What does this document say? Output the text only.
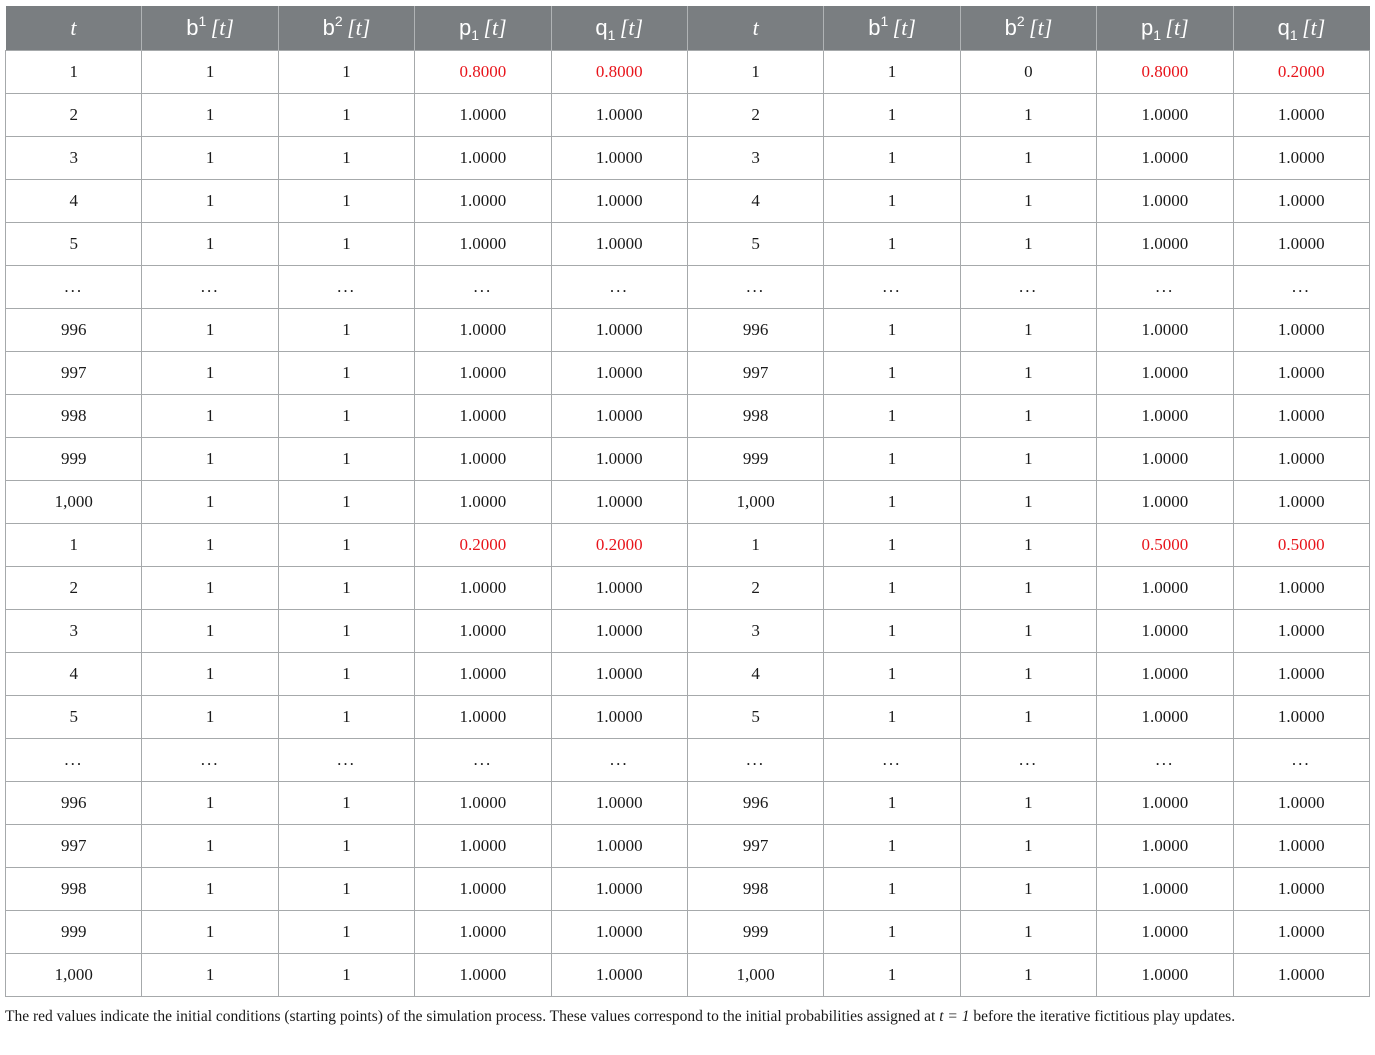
t	$b^1$  [t]	$b^2$  [t]	$p_1$  [t]	$q_1$  [t]	t	$b^1$  [t]	$b^2$  [t]	$p_1$  [t]	$q_1$  [t]
1	1	1	0.8000	0.8000	1	1	0	0.8000	0.2000
2	1	1	1.0000	1.0000	2	1	1	1.0000	1.0000
3	1	1	1.0000	1.0000	3	1	1	1.0000	1.0000
4	1	1	1.0000	1.0000	4	1	1	1.0000	1.0000
5	1	1	1.0000	1.0000	5	1	1	1.0000	1.0000
...	...	...	...	...	...	...	...	...	...
996	1	1	1.0000	1.0000	996	1	1	1.0000	1.0000
997	1	1	1.0000	1.0000	997	1	1	1.0000	1.0000
998	1	1	1.0000	1.0000	998	1	1	1.0000	1.0000
999	1	1	1.0000	1.0000	999	1	1	1.0000	1.0000
1,000	1	1	1.0000	1.0000	1,000	1	1	1.0000	1.0000
1	1	1	0.2000	0.2000	1	1	1	0.5000	0.5000
2	1	1	1.0000	1.0000	2	1	1	1.0000	1.0000
3	1	1	1.0000	1.0000	3	1	1	1.0000	1.0000
4	1	1	1.0000	1.0000	4	1	1	1.0000	1.0000
5	1	1	1.0000	1.0000	5	1	1	1.0000	1.0000
...	...	...	...	...	...	...	...	...	...
996	1	1	1.0000	1.0000	996	1	1	1.0000	1.0000
997	1	1	1.0000	1.0000	997	1	1	1.0000	1.0000
998	1	1	1.0000	1.0000	998	1	1	1.0000	1.0000
999	1	1	1.0000	1.0000	999	1	1	1.0000	1.0000
1,000	1	1	1.0000	1.0000	1,000	1	1	1.0000	1.0000

The red values indicate the initial conditions (starting points) of the simulation process. These values correspond to the initial probabilities assigned at t = 1 before the iterative fictitious play updates.
